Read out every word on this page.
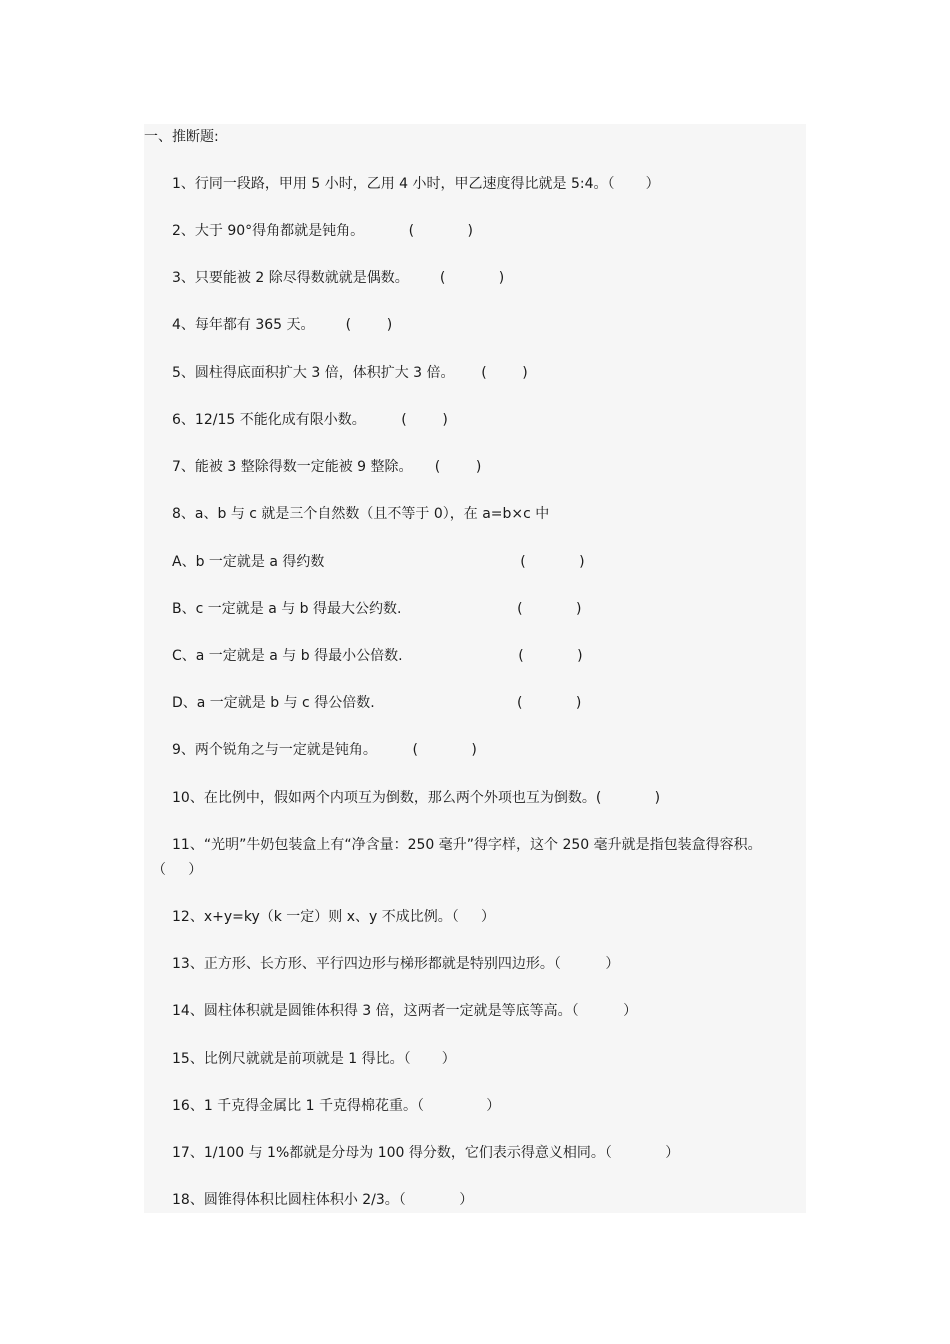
一、推断题:
1、行同一段路，甲用 5 小时，乙用 4 小时，甲乙速度得比就是 5:4。（       ）
2、大于 90°得角都就是钝角。          (            )
3、只要能被 2 除尽得数就就是偶数。       (            )
4、每年都有 365 天。       (        )
5、圆柱得底面积扩大 3 倍，体积扩大 3 倍。      (        )
6、12/15 不能化成有限小数。        (        )
7、能被 3 整除得数一定能被 9 整除。     (        )
8、a、b 与 c 就是三个自然数（且不等于 0），在 a=b×c 中
A、b 一定就是 a 得约数                                            (            )
B、c 一定就是 a 与 b 得最大公约数.                          (            )
C、a 一定就是 a 与 b 得最小公倍数.                          (            )
D、a 一定就是 b 与 c 得公倍数.                                (            )
9、两个锐角之与一定就是钝角。        (            )
10、在比例中，假如两个内项互为倒数，那么两个外项也互为倒数。(            )
11、“光明”牛奶包装盒上有“净含量：250 毫升”得字样，这个 250 毫升就是指包装盒得容积。
（     ）
12、x+y=ky（k 一定）则 x、y 不成比例。（     ）
13、正方形、长方形、平行四边形与梯形都就是特别四边形。（          ）
14、圆柱体积就是圆锥体积得 3 倍，这两者一定就是等底等高。（          ）
15、比例尺就就是前项就是 1 得比。（       ）
16、1 千克得金属比 1 千克得棉花重。（              ）
17、1/100 与 1%都就是分母为 100 得分数，它们表示得意义相同。（            ）
18、圆锥得体积比圆柱体积小 2/3。（            ）
